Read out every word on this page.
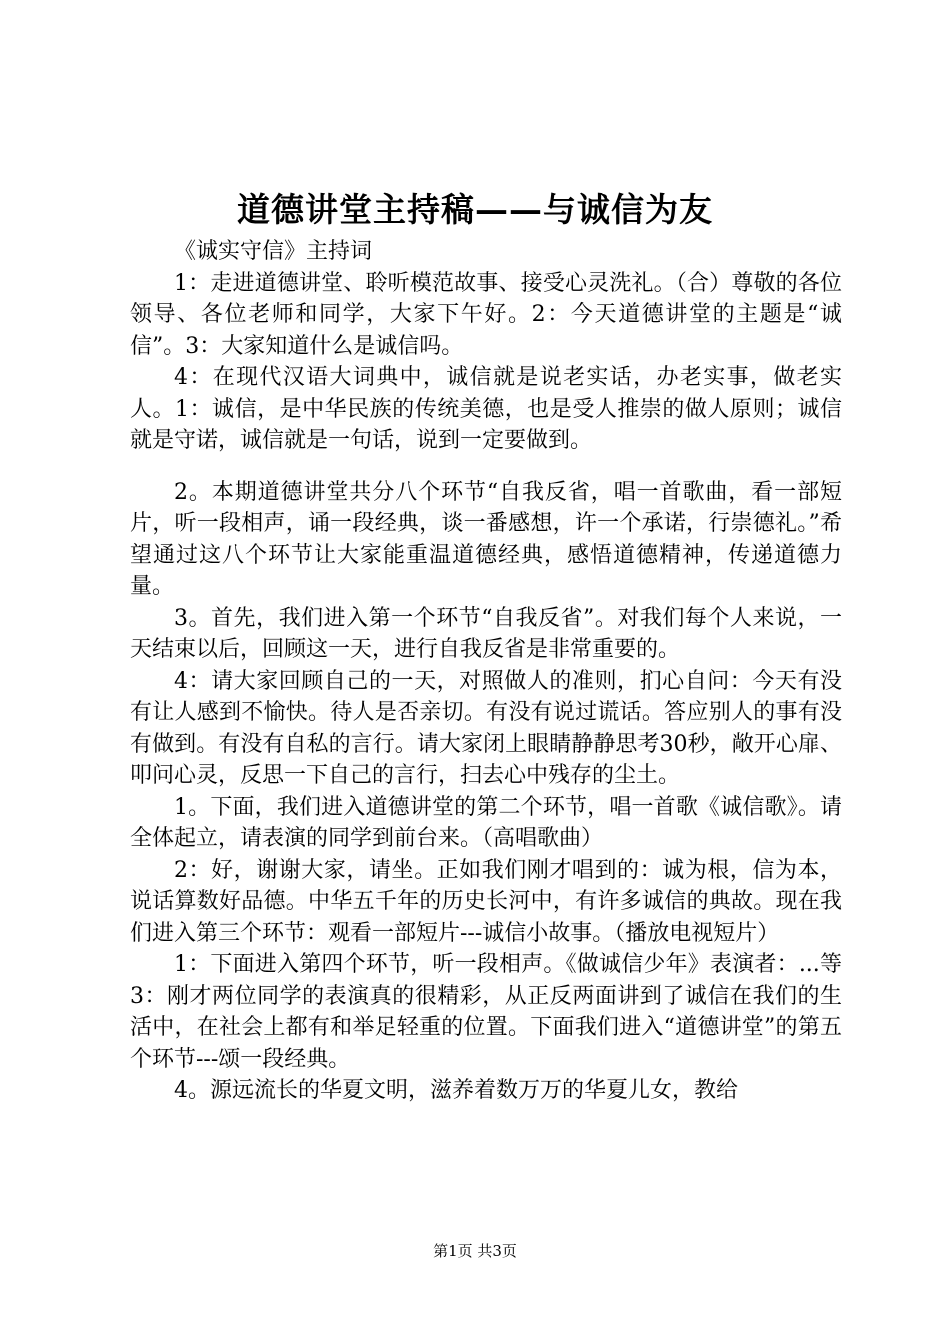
道德讲堂主持稿——与诚信为友

《诚实守信》主持词

1：走进道德讲堂、聆听模范故事、接受心灵洗礼。（合）尊敬的各位领导、各位老师和同学，大家下午好。2：今天道德讲堂的主题是“诚信”。3：大家知道什么是诚信吗。

4：在现代汉语大词典中，诚信就是说老实话，办老实事，做老实人。1：诚信，是中华民族的传统美德，也是受人推崇的做人原则；诚信就是守诺，诚信就是一句话，说到一定要做到。

2。本期道德讲堂共分八个环节“自我反省，唱一首歌曲，看一部短片，听一段相声，诵一段经典，谈一番感想，许一个承诺，行崇德礼。”希望通过这八个环节让大家能重温道德经典，感悟道德精神，传递道德力量。

3。首先，我们进入第一个环节“自我反省”。对我们每个人来说，一天结束以后，回顾这一天，进行自我反省是非常重要的。

4：请大家回顾自己的一天，对照做人的准则，扪心自问：今天有没有让人感到不愉快。待人是否亲切。有没有说过谎话。答应别人的事有没有做到。有没有自私的言行。请大家闭上眼睛静静思考30秒，敞开心扉、叩问心灵，反思一下自己的言行，扫去心中残存的尘土。

1。下面，我们进入道德讲堂的第二个环节，唱一首歌《诚信歌》。请全体起立，请表演的同学到前台来。（高唱歌曲）

2：好，谢谢大家，请坐。正如我们刚才唱到的：诚为根，信为本，说话算数好品德。中华五千年的历史长河中，有许多诚信的典故。现在我们进入第三个环节：观看一部短片---诚信小故事。（播放电视短片）

1：下面进入第四个环节，听一段相声。《做诚信少年》表演者：...等3：刚才两位同学的表演真的很精彩，从正反两面讲到了诚信在我们的生活中，在社会上都有和举足轻重的位置。下面我们进入“道德讲堂”的第五个环节---颂一段经典。

4。源远流长的华夏文明，滋养着数万万的华夏儿女，教给

第1页 共3页
